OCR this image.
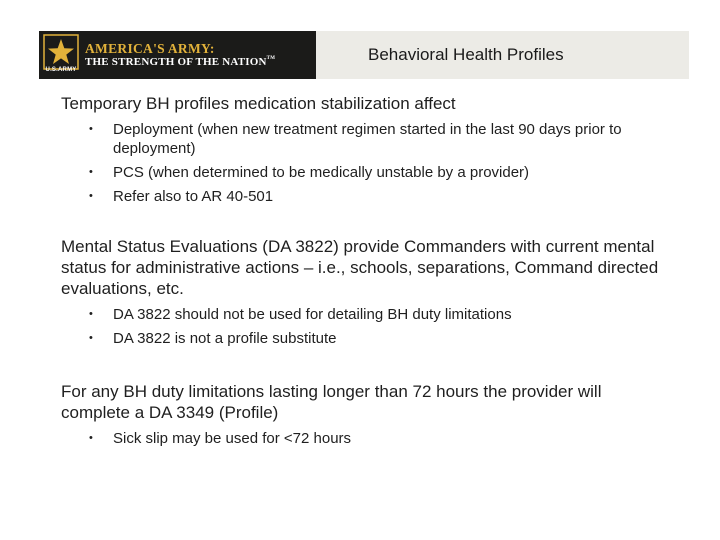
U.S.ARMY
AMERICA'S ARMY:
THE STRENGTH OF THE NATION™	Behavioral Health Profiles

Temporary BH profiles medication stabilization affect

• Deployment (when new treatment regimen started in the last 90 days prior to deployment)
• PCS (when determined to be medically unstable by a provider)
• Refer also to AR 40-501

Mental Status Evaluations (DA 3822) provide Commanders with current mental status for administrative actions – i.e., schools, separations, Command directed evaluations, etc.

• DA 3822 should not be used for detailing BH duty limitations
• DA 3822 is not a profile substitute

For any BH duty limitations lasting longer than 72 hours the provider will complete a DA 3349 (Profile)

• Sick slip may be used for <72 hours
